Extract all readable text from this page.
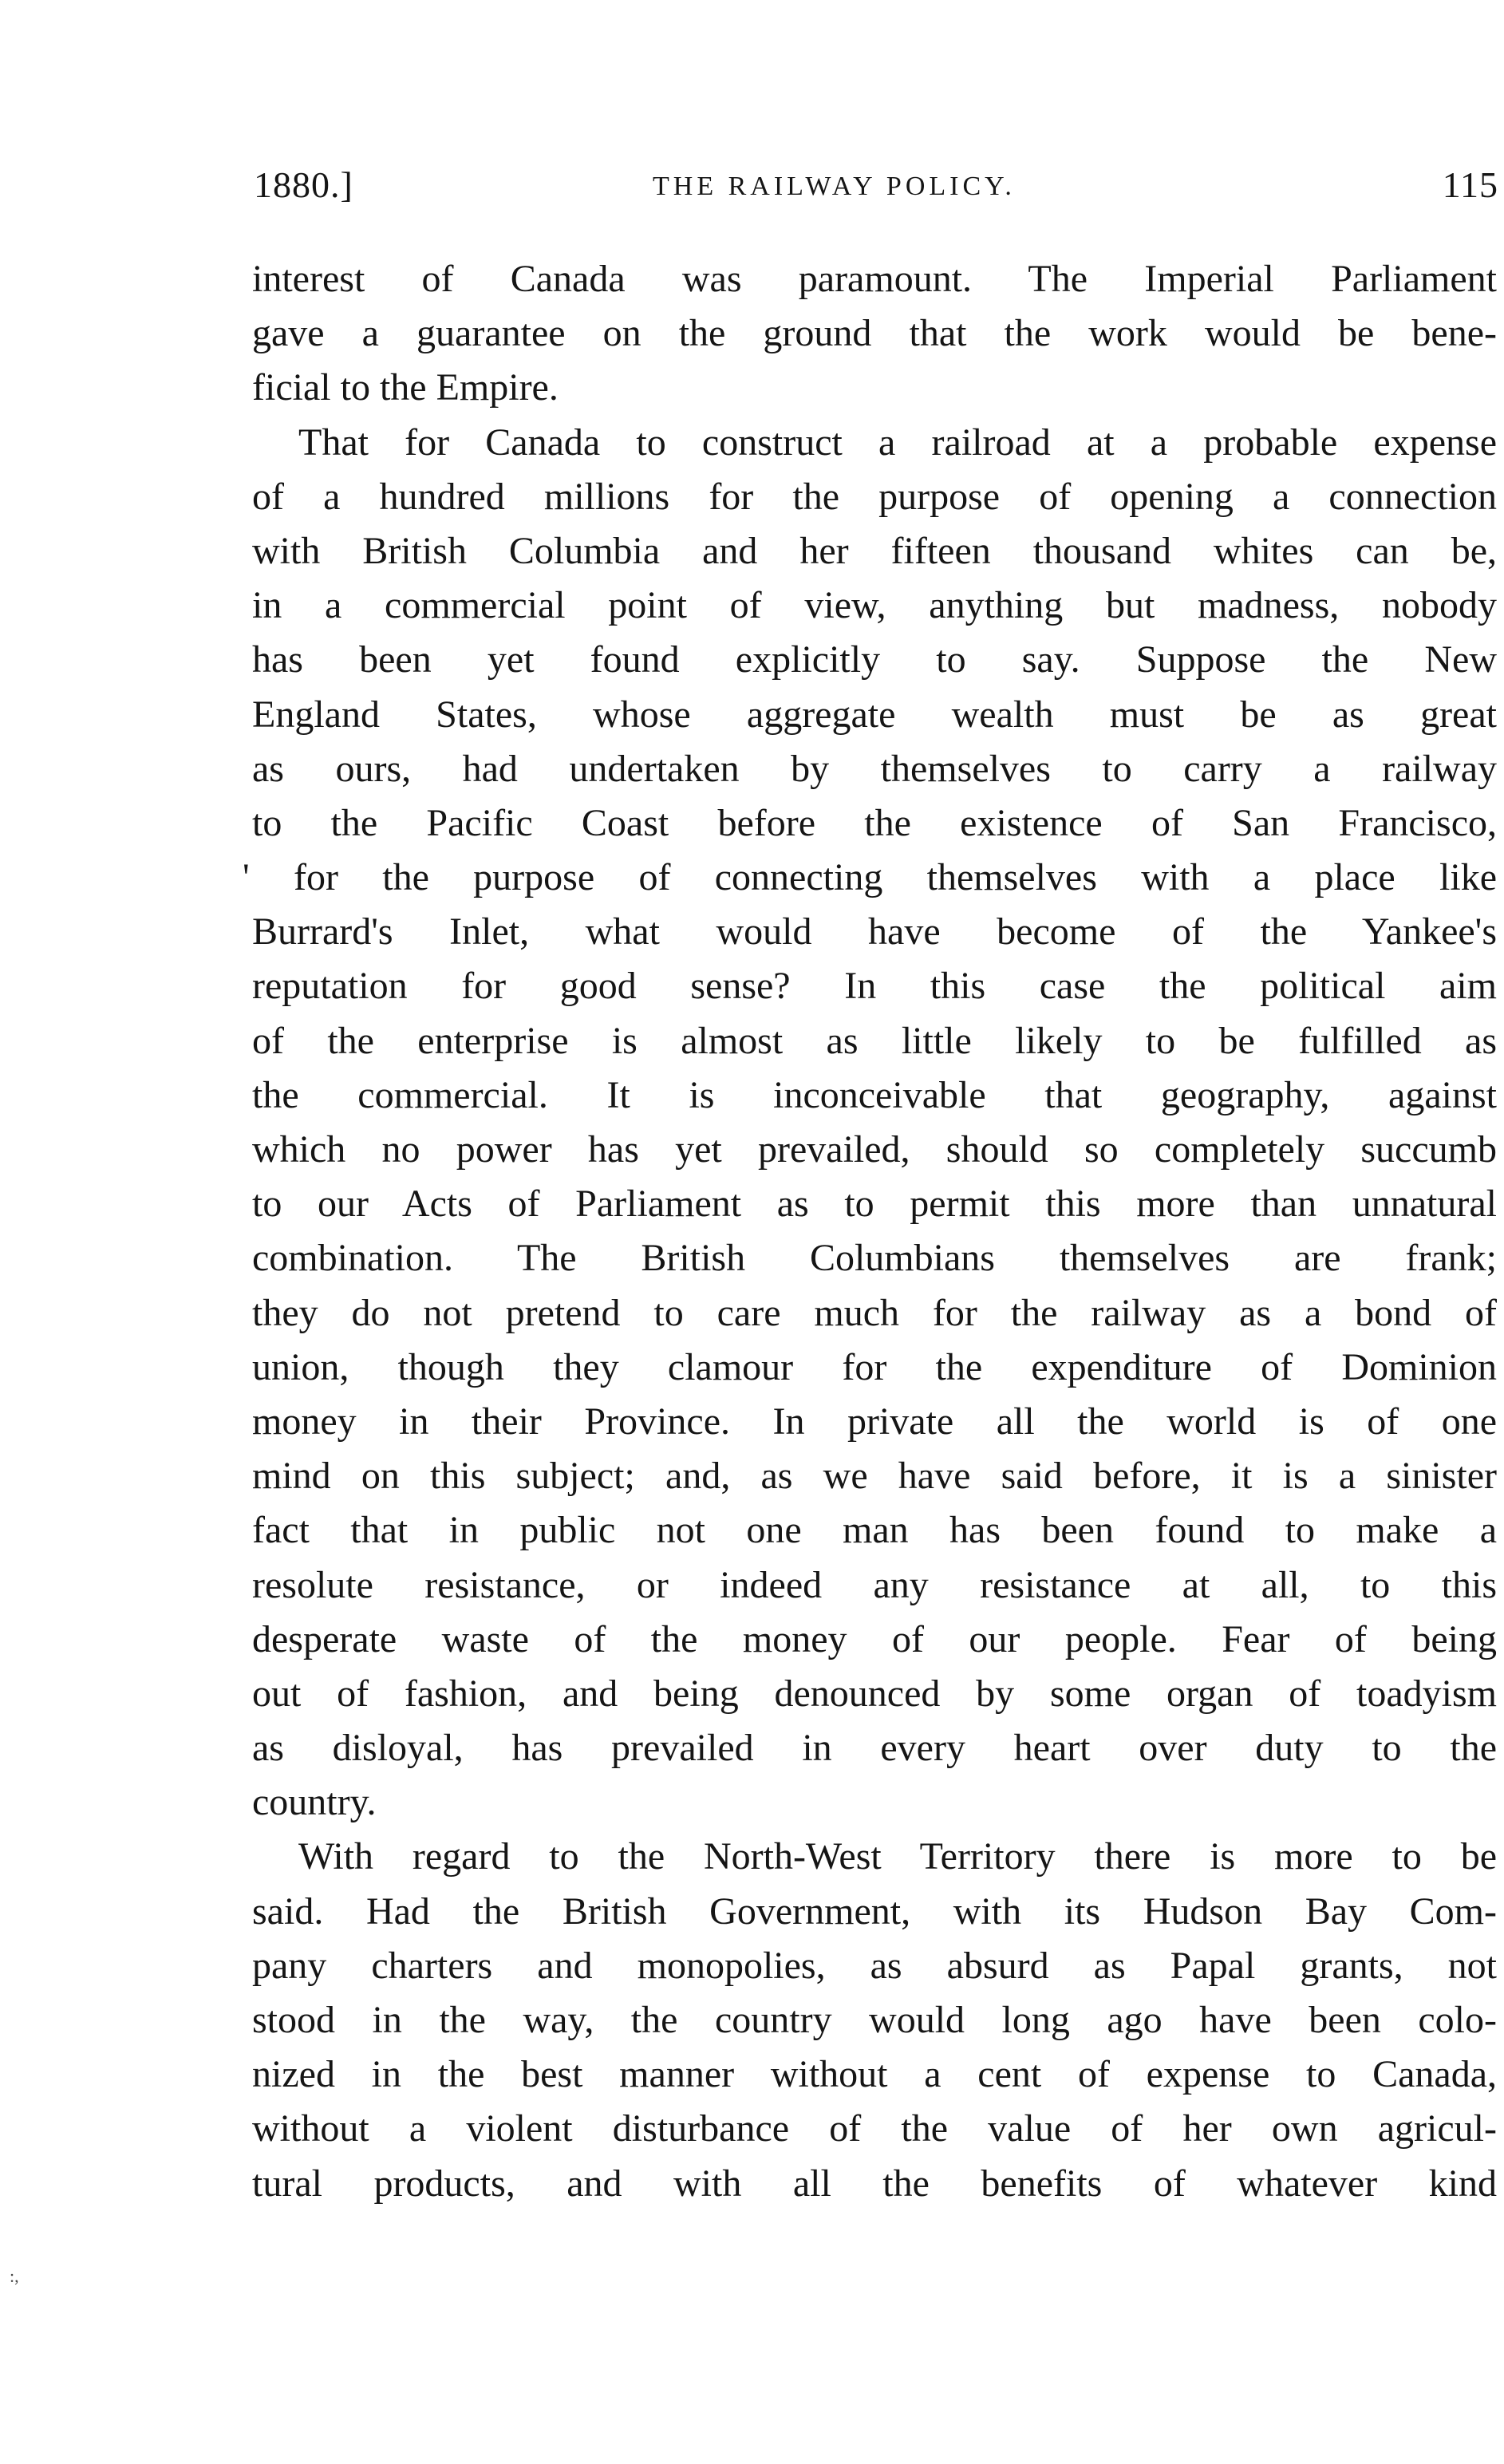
1880.]	THE RAILWAY POLICY.	115
interest of Canada was paramount. The Imperial Parliament
gave a guarantee on the ground that the work would be bene-
ficial to the Empire.
That for Canada to construct a railroad at a probable expense
of a hundred millions for the purpose of opening a connection
with British Columbia and her fifteen thousand whites can be,
in a commercial point of view, anything but madness, nobody
has been yet found explicitly to say. Suppose the New
England States, whose aggregate wealth must be as great
as ours, had undertaken by themselves to carry a railway
to the Pacific Coast before the existence of San Francisco,
' for the purpose of connecting themselves with a place like
Burrard's Inlet, what would have become of the Yankee's
reputation for good sense? In this case the political aim
of the enterprise is almost as little likely to be fulfilled as
the commercial. It is inconceivable that geography, against
which no power has yet prevailed, should so completely succumb
to our Acts of Parliament as to permit this more than unnatural
combination. The British Columbians themselves are frank;
they do not pretend to care much for the railway as a bond of
union, though they clamour for the expenditure of Dominion
money in their Province. In private all the world is of one
mind on this subject; and, as we have said before, it is a sinister
fact that in public not one man has been found to make a
resolute resistance, or indeed any resistance at all, to this
desperate waste of the money of our people. Fear of being
out of fashion, and being denounced by some organ of toadyism
as disloyal, has prevailed in every heart over duty to the
country.
With regard to the North-West Territory there is more to be
said. Had the British Government, with its Hudson Bay Com-
pany charters and monopolies, as absurd as Papal grants, not
stood in the way, the country would long ago have been colo-
nized in the best manner without a cent of expense to Canada,
without a violent disturbance of the value of her own agricul-
tural products, and with all the benefits of whatever kind
:,
